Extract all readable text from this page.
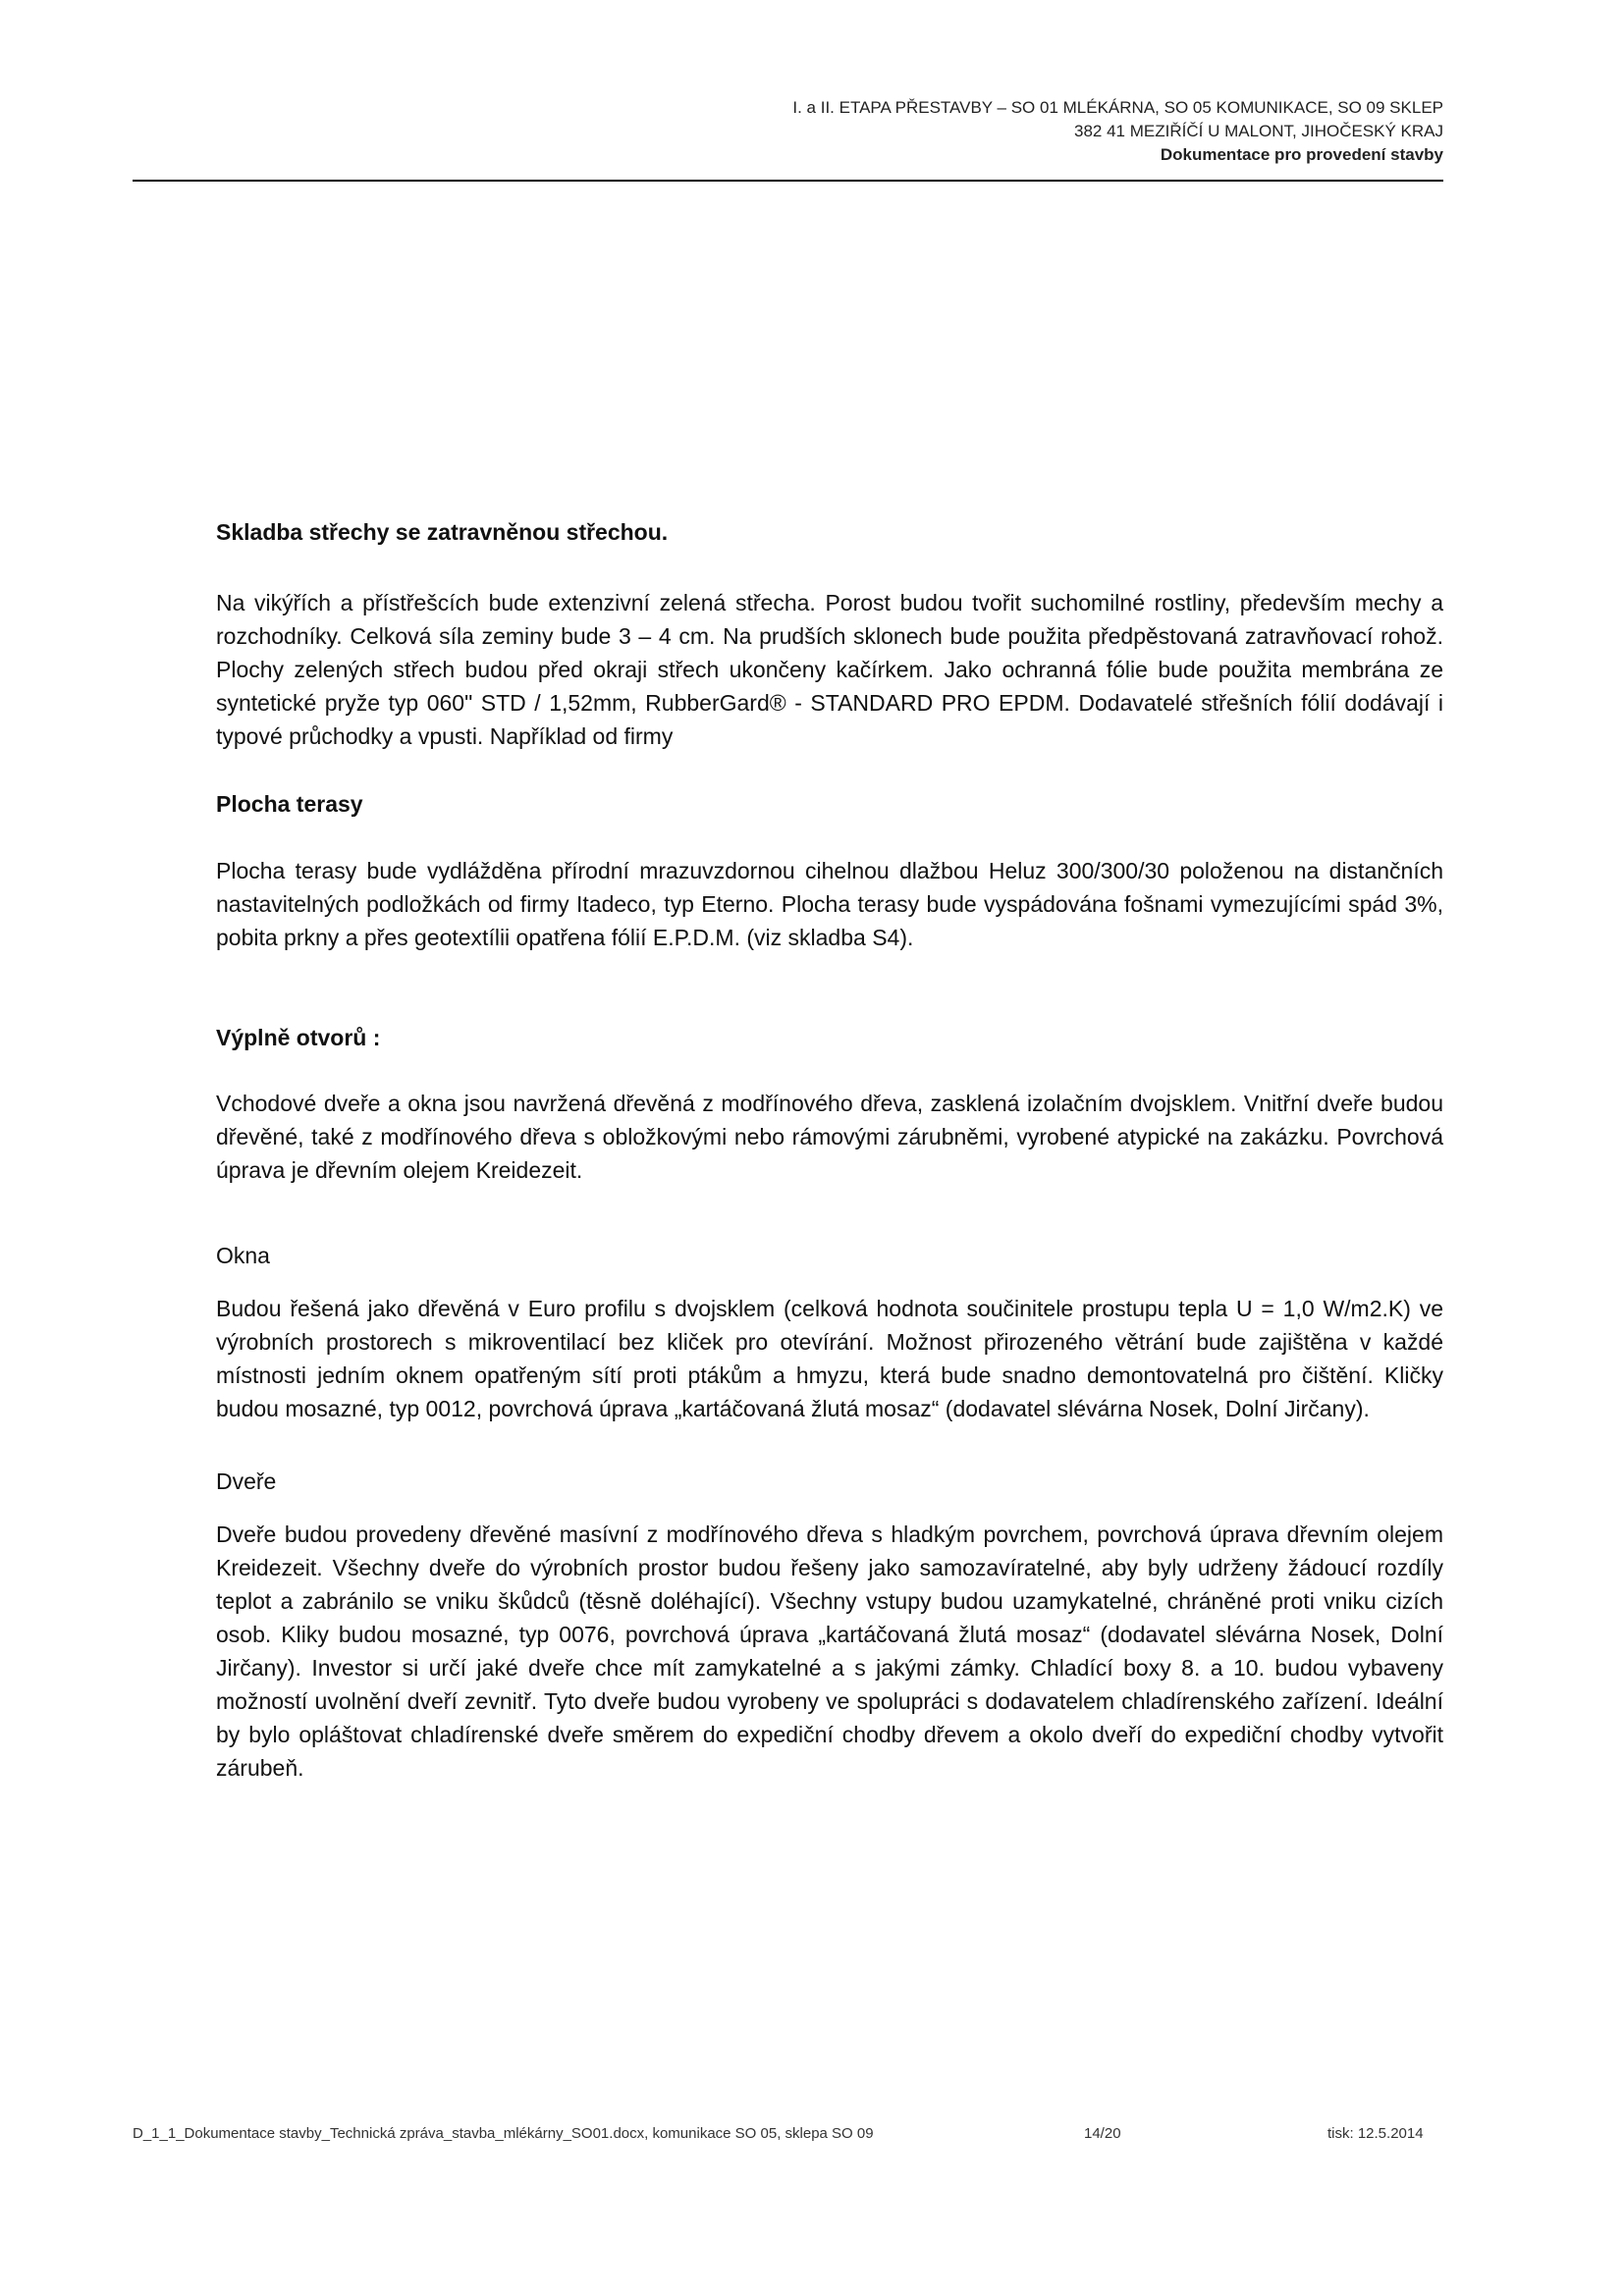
I. a II. ETAPA PŘESTAVBY – SO 01 MLÉKÁRNA, SO 05 KOMUNIKACE, SO 09 SKLEP
382 41 MEZIŘÍČÍ U MALONT, JIHOČESKÝ KRAJ
Dokumentace pro provedení stavby

Skladba střechy se zatravněnou střechou.

Na vikýřích a přístřešcích bude extenzivní zelená střecha. Porost budou tvořit suchomilné rostliny, především mechy a rozchodníky. Celková síla zeminy bude 3 – 4 cm. Na prudších sklonech bude použita předpěstovaná zatravňovací rohož. Plochy zelených střech budou před okraji střech ukončeny kačírkem. Jako ochranná fólie bude použita membrána ze syntetické pryže typ 060" STD / 1,52mm, RubberGard® - STANDARD PRO EPDM. Dodavatelé střešních fólií dodávají i typové průchodky a vpusti. Například od firmy

Plocha terasy

Plocha terasy bude vydlážděna přírodní mrazuvzdornou cihelnou dlažbou Heluz 300/300/30 položenou na distančních nastavitelných podložkách od firmy Itadeco, typ Eterno. Plocha terasy bude vyspádována fošnami vymezujícími spád 3%, pobita prkny a přes geotextílii opatřena fólií E.P.D.M. (viz skladba S4).

Výplně otvorů :

Vchodové dveře a okna jsou navržená dřevěná z modřínového dřeva, zasklená izolačním dvojsklem. Vnitřní dveře budou dřevěné, také z modřínového dřeva s obložkovými nebo rámovými zárubněmi, vyrobené atypické na zakázku. Povrchová úprava je dřevním olejem Kreidezeit.

Okna

Budou řešená jako dřevěná v Euro profilu s dvojsklem (celková hodnota součinitele prostupu tepla U = 1,0 W/m2.K) ve výrobních prostorech s mikroventilací bez kliček pro otevírání. Možnost přirozeného větrání bude zajištěna v každé místnosti jedním oknem opatřeným sítí proti ptákům a hmyzu, která bude snadno demontovatelná pro čištění. Kličky budou mosazné, typ 0012, povrchová úprava „kartáčovaná žlutá mosaz“ (dodavatel slévárna Nosek, Dolní Jirčany).

Dveře

Dveře budou provedeny dřevěné masívní z modřínového dřeva s hladkým povrchem, povrchová úprava dřevním olejem Kreidezeit. Všechny dveře do výrobních prostor budou řešeny jako samozavíratelné, aby byly udrženy žádoucí rozdíly teplot a zabránilo se vniku škůdců (těsně doléhající). Všechny vstupy budou uzamykatelné, chráněné proti vniku cizích osob. Kliky budou mosazné, typ 0076, povrchová úprava „kartáčovaná žlutá mosaz“ (dodavatel slévárna Nosek, Dolní Jirčany). Investor si určí jaké dveře chce mít zamykatelné a s jakými zámky. Chladící boxy 8. a 10. budou vybaveny možností uvolnění dveří zevnitř. Tyto dveře budou vyrobeny ve spolupráci s dodavatelem chladírenského zařízení. Ideální by bylo opláštovat chladírenské dveře směrem do expediční chodby dřevem a okolo dveří do expediční chodby vytvořit zárubeň.

D_1_1_Dokumentace stavby_Technická zpráva_stavba_mlékárny_SO01.docx, komunikace SO 05, sklepa SO 09	14/20	tisk: 12.5.2014
